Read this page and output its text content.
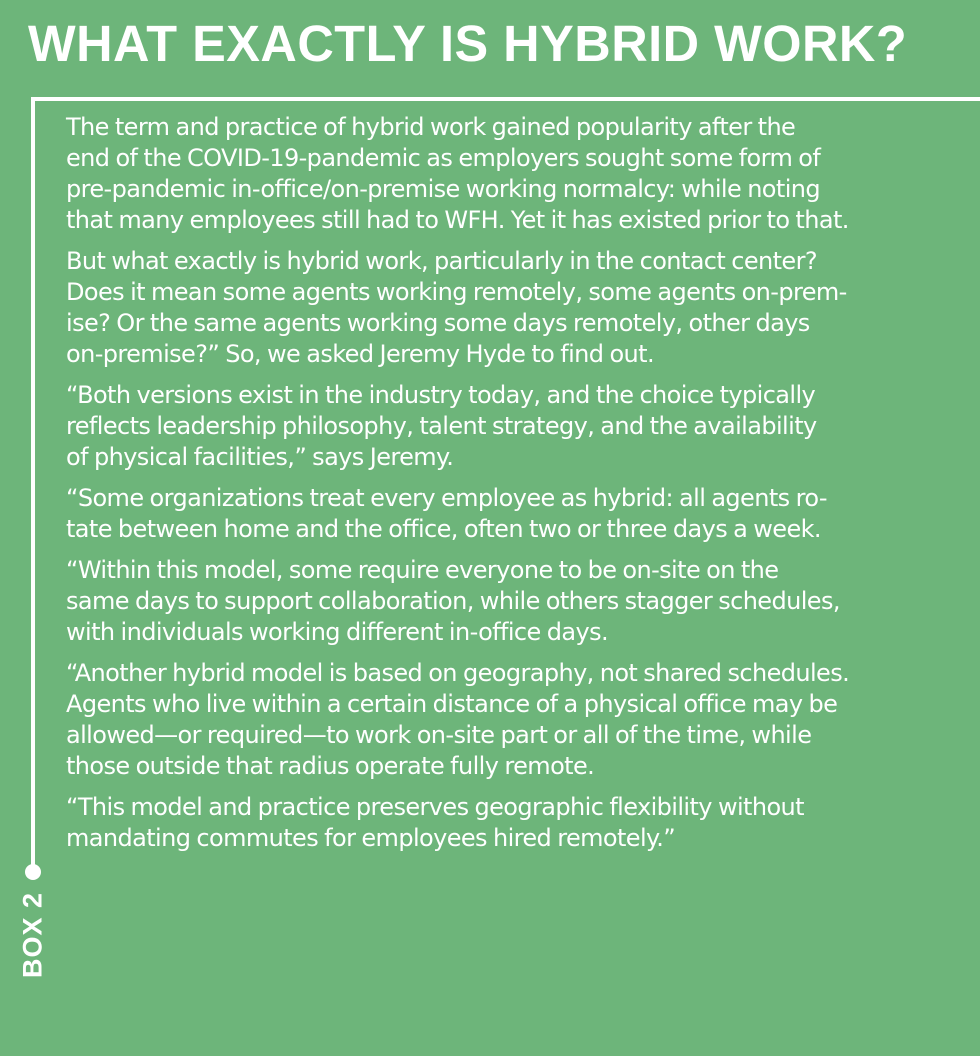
WHAT EXACTLY IS HYBRID WORK?
BOX 2

The term and practice of hybrid work gained popularity after the
end of the COVID-19-pandemic as employers sought some form of
pre-pandemic in-office/on-premise working normalcy: while noting
that many employees still had to WFH. Yet it has existed prior to that.

But what exactly is hybrid work, particularly in the contact center?
Does it mean some agents working remotely, some agents on-prem-
ise? Or the same agents working some days remotely, other days
on-premise?” So, we asked Jeremy Hyde to find out.

“Both versions exist in the industry today, and the choice typically
reflects leadership philosophy, talent strategy, and the availability
of physical facilities,” says Jeremy.

“Some organizations treat every employee as hybrid: all agents ro-
tate between home and the office, often two or three days a week.

“Within this model, some require everyone to be on-site on the
same days to support collaboration, while others stagger schedules,
with individuals working different in-office days.

“Another hybrid model is based on geography, not shared schedules.
Agents who live within a certain distance of a physical office may be
allowed—or required—to work on-site part or all of the time, while
those outside that radius operate fully remote.

“This model and practice preserves geographic flexibility without
mandating commutes for employees hired remotely.”
